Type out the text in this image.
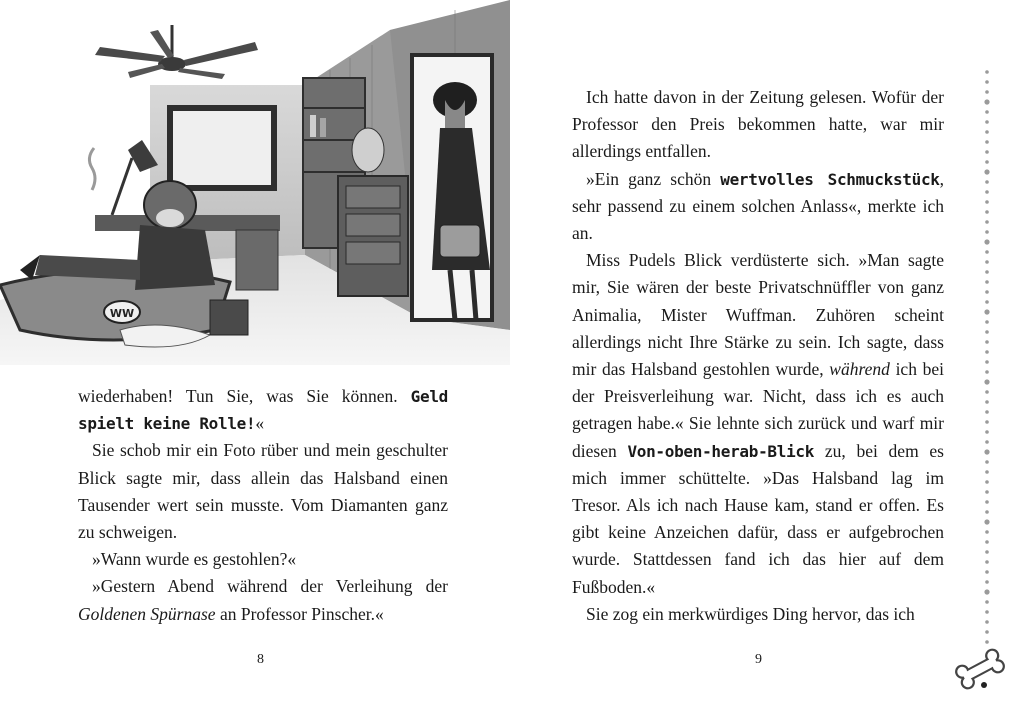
WW

wiederhaben! Tun Sie, was Sie können. Geld spielt keine Rolle!«

Sie schob mir ein Foto rüber und mein geschulter Blick sagte mir, dass allein das Halsband einen Tausender wert sein musste. Vom Diamanten ganz zu schweigen.

»Wann wurde es gestohlen?«

»Gestern Abend während der Verleihung der Goldenen Spürnase an Professor Pinscher.«

8

Ich hatte davon in der Zeitung gelesen. Wofür der Professor den Preis bekommen hatte, war mir allerdings entfallen.

»Ein ganz schön wertvolles Schmuckstück, sehr passend zu einem solchen Anlass«, merkte ich an.

Miss Pudels Blick verdüsterte sich. »Man sagte mir, Sie wären der beste Privatschnüffler von ganz Animalia, Mister Wuffman. Zuhören scheint allerdings nicht Ihre Stärke zu sein. Ich sagte, dass mir das Halsband gestohlen wurde, während ich bei der Preisverleihung war. Nicht, dass ich es auch getragen habe.« Sie lehnte sich zurück und warf mir diesen Von-oben-herab-Blick zu, bei dem es mich immer schüttelte. »Das Halsband lag im Tresor. Als ich nach Hause kam, stand er offen. Es gibt keine Anzeichen dafür, dass er aufgebrochen wurde. Stattdessen fand ich das hier auf dem Fußboden.«

Sie zog ein merkwürdiges Ding hervor, das ich

9
